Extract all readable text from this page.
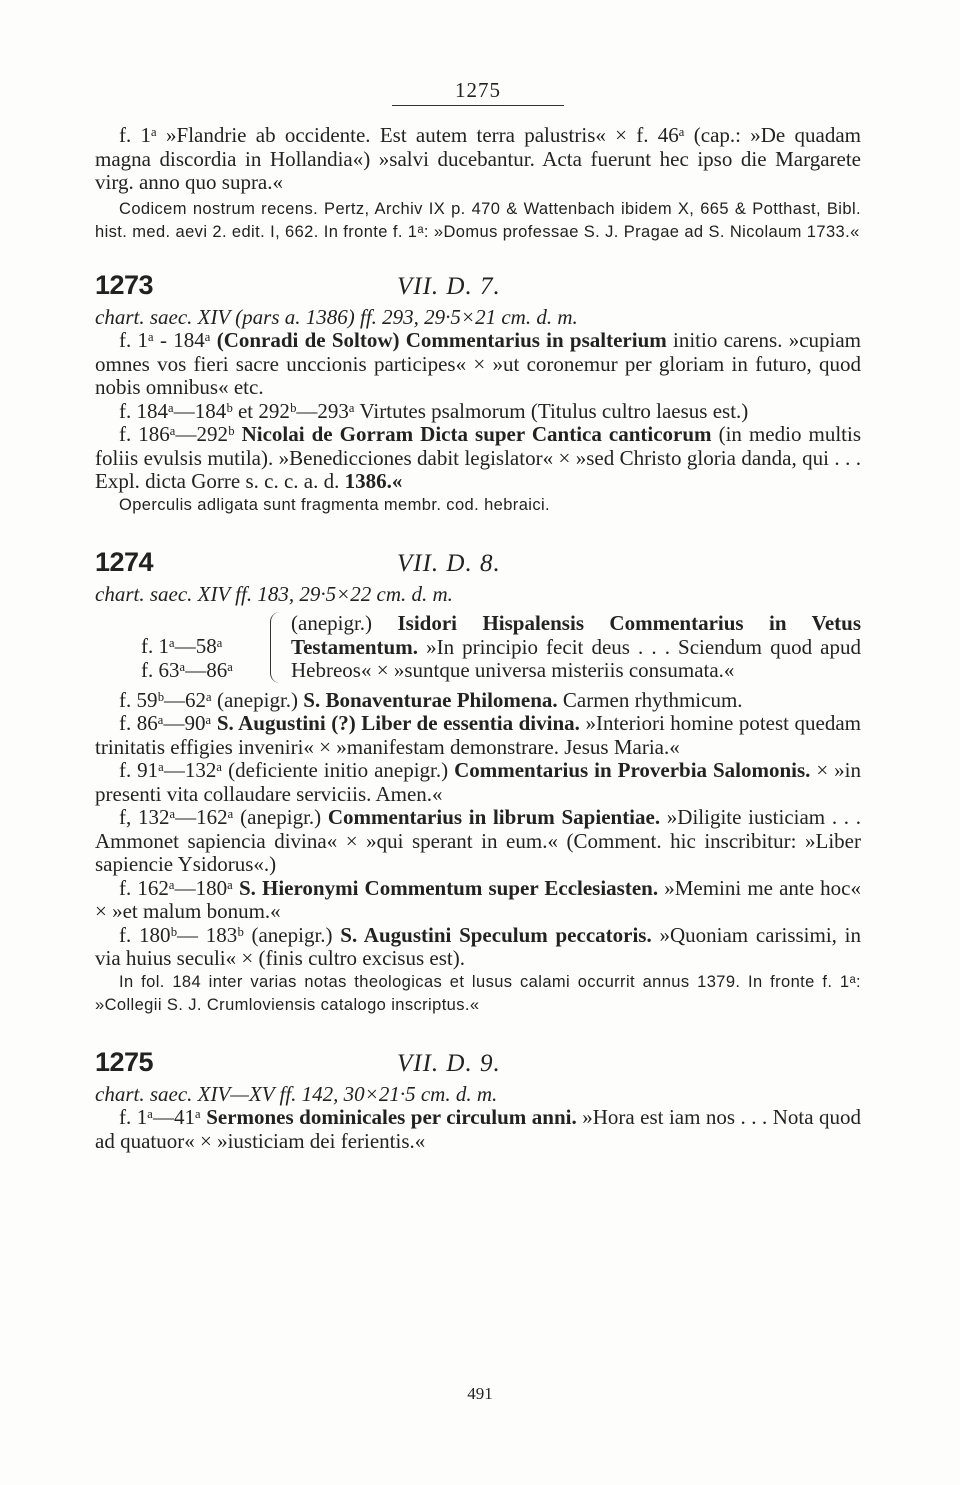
1275

f. 1ᵃ »Flandrie ab occidente. Est autem terra palustris« × f. 46ᵃ (cap.: »De quadam magna discordia in Hollandia«) »salvi ducebantur. Acta fuerunt hec ipso die Margarete virg. anno quo supra.«

Codicem nostrum recens. Pertz, Archiv IX p. 470 & Wattenbach ibidem X, 665 & Potthast, Bibl. hist. med. aevi 2. edit. I, 662. In fronte f. 1ᵃ: »Domus professae S. J. Pragae ad S. Nicolaum 1733.«

1273	VII. D. 7.

chart. saec. XIV (pars a. 1386) ff. 293, 29·5×21 cm. d. m.

f. 1ᵃ - 184ᵃ (Conradi de Soltow) Commentarius in psalterium initio carens. »cupiam omnes vos fieri sacre unccionis participes« × »ut coronemur per gloriam in futuro, quod nobis omnibus« etc.

f. 184ᵃ—184ᵇ et 292ᵇ—293ᵃ Virtutes psalmorum (Titulus cultro laesus est.)

f. 186ᵃ—292ᵇ Nicolai de Gorram Dicta super Cantica canticorum (in medio multis foliis evulsis mutila). »Benedicciones dabit legislator« × »sed Christo gloria danda, qui . . . Expl. dicta Gorre s. c. c. a. d. 1386.«

Operculis adligata sunt fragmenta membr. cod. hebraici.

1274	VII. D. 8.

chart. saec. XIV ff. 183, 29·5×22 cm. d. m.

f. 1ᵃ—58ᵃ
f. 63ᵃ—86ᵃ
(anepigr.) Isidori Hispalensis Commentarius in Vetus Testamentum. »In principio fecit deus . . . Sciendum quod apud Hebreos« × »suntque universa misteriis consumata.«

f. 59ᵇ—62ᵃ (anepigr.) S. Bonaventurae Philomena. Carmen rhythmicum.

f. 86ᵃ—90ᵃ S. Augustini (?) Liber de essentia divina. »Interiori homine potest quedam trinitatis effigies inveniri« × »manifestam demonstrare. Jesus Maria.«

f. 91ᵃ—132ᵃ (deficiente initio anepigr.) Commentarius in Proverbia Salomonis. × »in presenti vita collaudare serviciis. Amen.«

f, 132ᵃ—162ᵃ (anepigr.) Commentarius in librum Sapientiae. »Diligite iusticiam . . . Ammonet sapiencia divina« × »qui sperant in eum.« (Comment. hic inscribitur: »Liber sapiencie Ysidorus«.)

f. 162ᵃ—180ᵃ S. Hieronymi Commentum super Ecclesiasten. »Memini me ante hoc« × »et malum bonum.«

f. 180ᵇ— 183ᵇ (anepigr.) S. Augustini Speculum peccatoris. »Quoniam carissimi, in via huius seculi« × (finis cultro excisus est).

In fol. 184 inter varias notas theologicas et lusus calami occurrit annus 1379. In fronte f. 1ᵃ: »Collegii S. J. Crumloviensis catalogo inscriptus.«

1275	VII. D. 9.

chart. saec. XIV—XV ff. 142, 30×21·5 cm. d. m.

f. 1ᵃ—41ᵃ Sermones dominicales per circulum anni. »Hora est iam nos . . . Nota quod ad quatuor« × »iusticiam dei ferientis.«

491
